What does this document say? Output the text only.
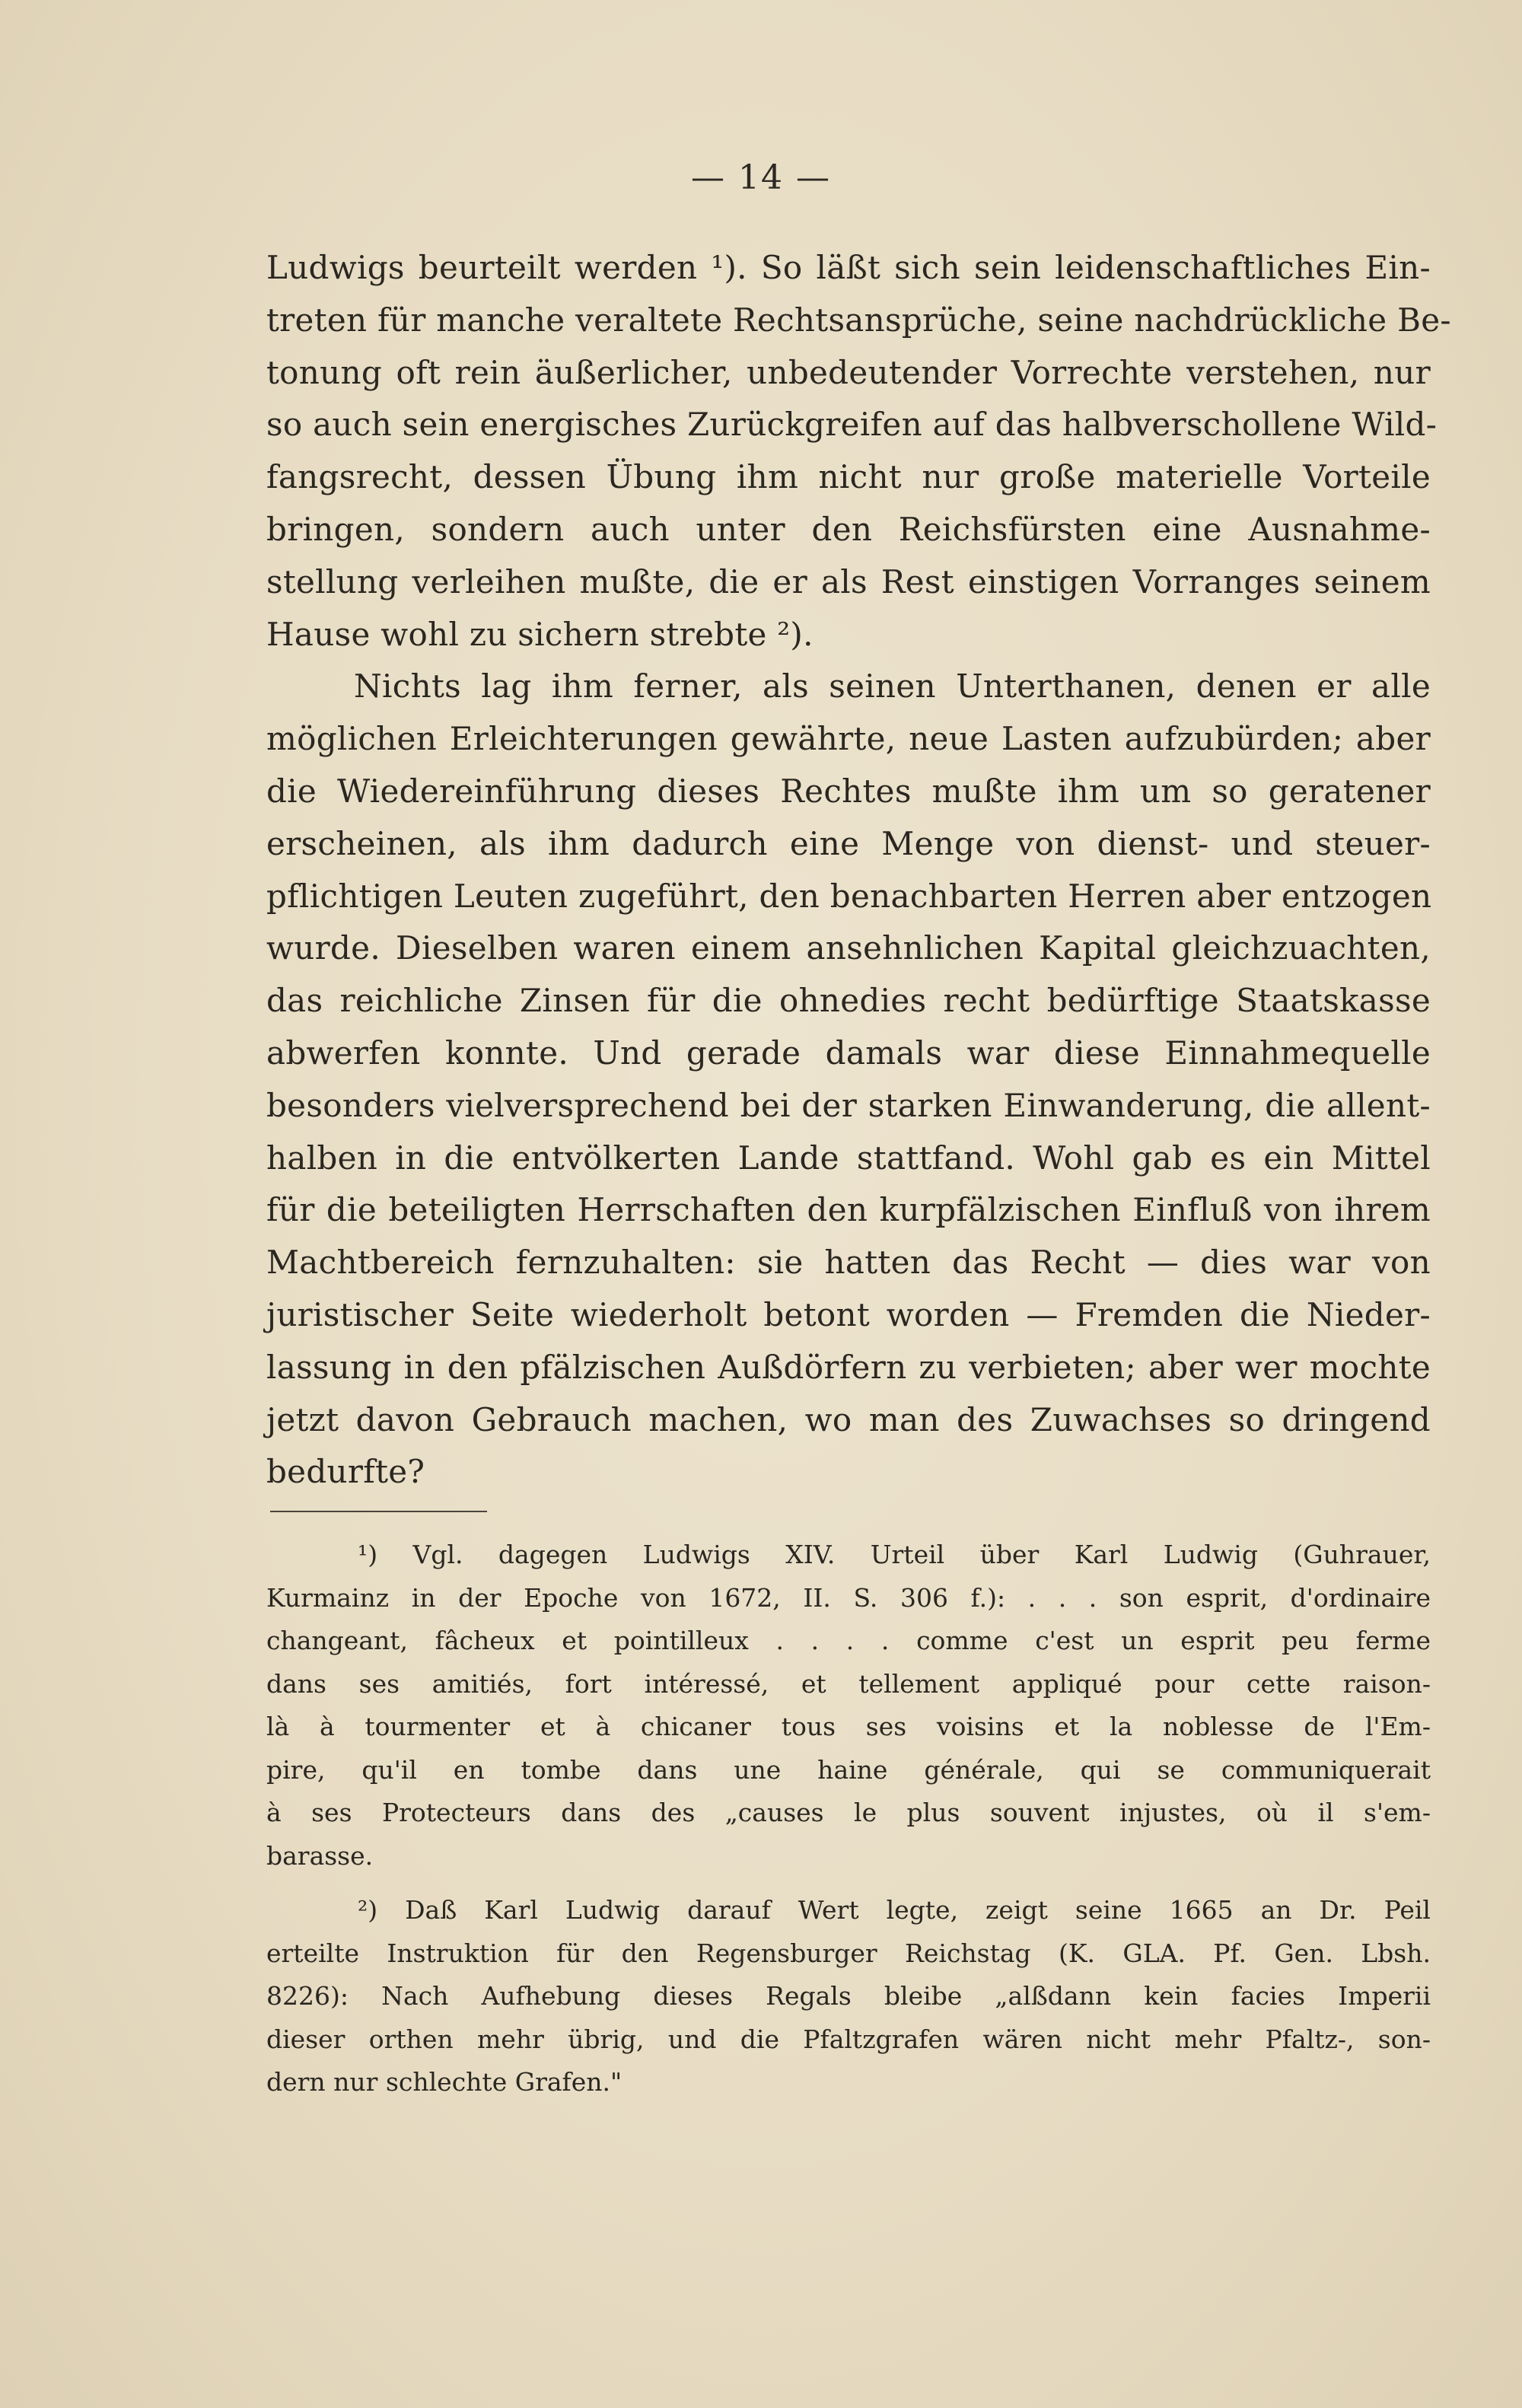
— 14 —
Ludwigs beurteilt werden ¹). So läßt sich sein leidenschaftliches Ein-
treten für manche veraltete Rechtsansprüche, seine nachdrückliche Be-
tonung oft rein äußerlicher, unbedeutender Vorrechte verstehen, nur
so auch sein energisches Zurückgreifen auf das halbverschollene Wild-
fangsrecht, dessen Übung ihm nicht nur große materielle Vorteile
bringen, sondern auch unter den Reichsfürsten eine Ausnahme-
stellung verleihen mußte, die er als Rest einstigen Vorranges seinem
Hause wohl zu sichern strebte ²).
Nichts lag ihm ferner, als seinen Unterthanen, denen er alle
möglichen Erleichterungen gewährte, neue Lasten aufzubürden; aber
die Wiedereinführung dieses Rechtes mußte ihm um so geratener
erscheinen, als ihm dadurch eine Menge von dienst- und steuer-
pflichtigen Leuten zugeführt, den benachbarten Herren aber entzogen
wurde. Dieselben waren einem ansehnlichen Kapital gleichzuachten,
das reichliche Zinsen für die ohnedies recht bedürftige Staatskasse
abwerfen konnte. Und gerade damals war diese Einnahmequelle
besonders vielversprechend bei der starken Einwanderung, die allent-
halben in die entvölkerten Lande stattfand. Wohl gab es ein Mittel
für die beteiligten Herrschaften den kurpfälzischen Einfluß von ihrem
Machtbereich fernzuhalten: sie hatten das Recht — dies war von
juristischer Seite wiederholt betont worden — Fremden die Nieder-
lassung in den pfälzischen Außdörfern zu verbieten; aber wer mochte
jetzt davon Gebrauch machen, wo man des Zuwachses so dringend
bedurfte?
¹) Vgl. dagegen Ludwigs XIV. Urteil über Karl Ludwig (Guhrauer,
Kurmainz in der Epoche von 1672, II. S. 306 f.): . . . son esprit, d'ordinaire
changeant, fâcheux et pointilleux . . . . comme c'est un esprit peu ferme
dans ses amitiés, fort intéressé, et tellement appliqué pour cette raison-
là à tourmenter et à chicaner tous ses voisins et la noblesse de l'Em-
pire, qu'il en tombe dans une haine générale, qui se communiquerait
à ses Protecteurs dans des „causes le plus souvent injustes, où il s'em-
barasse.
²) Daß Karl Ludwig darauf Wert legte, zeigt seine 1665 an Dr. Peil
erteilte Instruktion für den Regensburger Reichstag (K. GLA. Pf. Gen. Lbsh.
8226): Nach Aufhebung dieses Regals bleibe „alßdann kein facies Imperii
dieser orthen mehr übrig, und die Pfaltzgrafen wären nicht mehr Pfaltz-, son-
dern nur schlechte Grafen."
